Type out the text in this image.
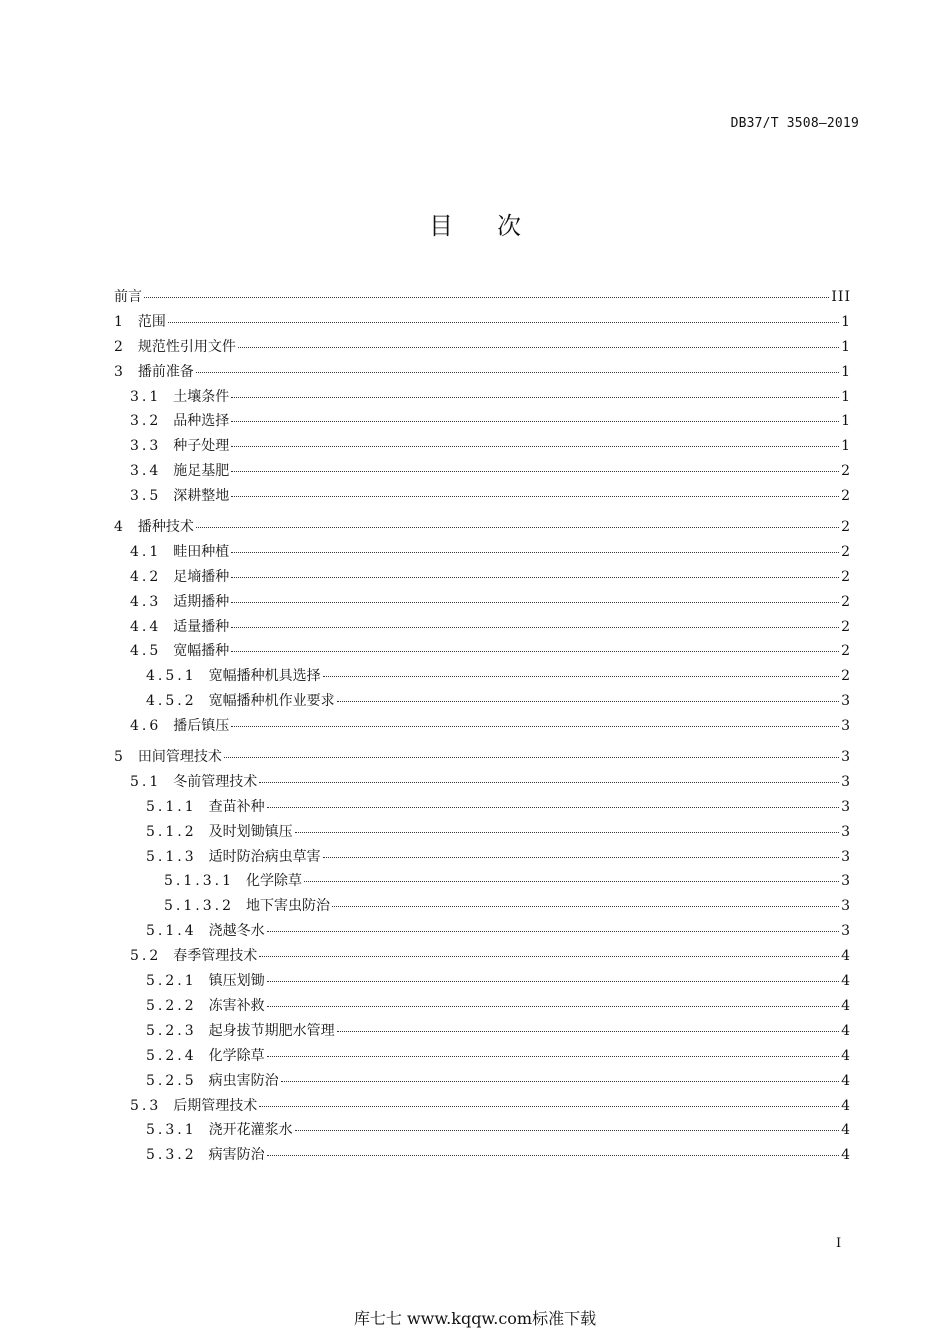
DB37/T 3508—2019
目 次
前言	III
1 范围	1
2 规范性引用文件	1
3 播前准备	1
3.1 土壤条件	1
3.2 品种选择	1
3.3 种子处理	1
3.4 施足基肥	2
3.5 深耕整地	2
4 播种技术	2
4.1 畦田种植	2
4.2 足墒播种	2
4.3 适期播种	2
4.4 适量播种	2
4.5 宽幅播种	2
4.5.1 宽幅播种机具选择	2
4.5.2 宽幅播种机作业要求	3
4.6 播后镇压	3
5 田间管理技术	3
5.1 冬前管理技术	3
5.1.1 查苗补种	3
5.1.2 及时划锄镇压	3
5.1.3 适时防治病虫草害	3
5.1.3.1 化学除草	3
5.1.3.2 地下害虫防治	3
5.1.4 浇越冬水	3
5.2 春季管理技术	4
5.2.1 镇压划锄	4
5.2.2 冻害补救	4
5.2.3 起身拔节期肥水管理	4
5.2.4 化学除草	4
5.2.5 病虫害防治	4
5.3 后期管理技术	4
5.3.1 浇开花灌浆水	4
5.3.2 病害防治	4
I
库七七 www.kqqw.com标准下载
